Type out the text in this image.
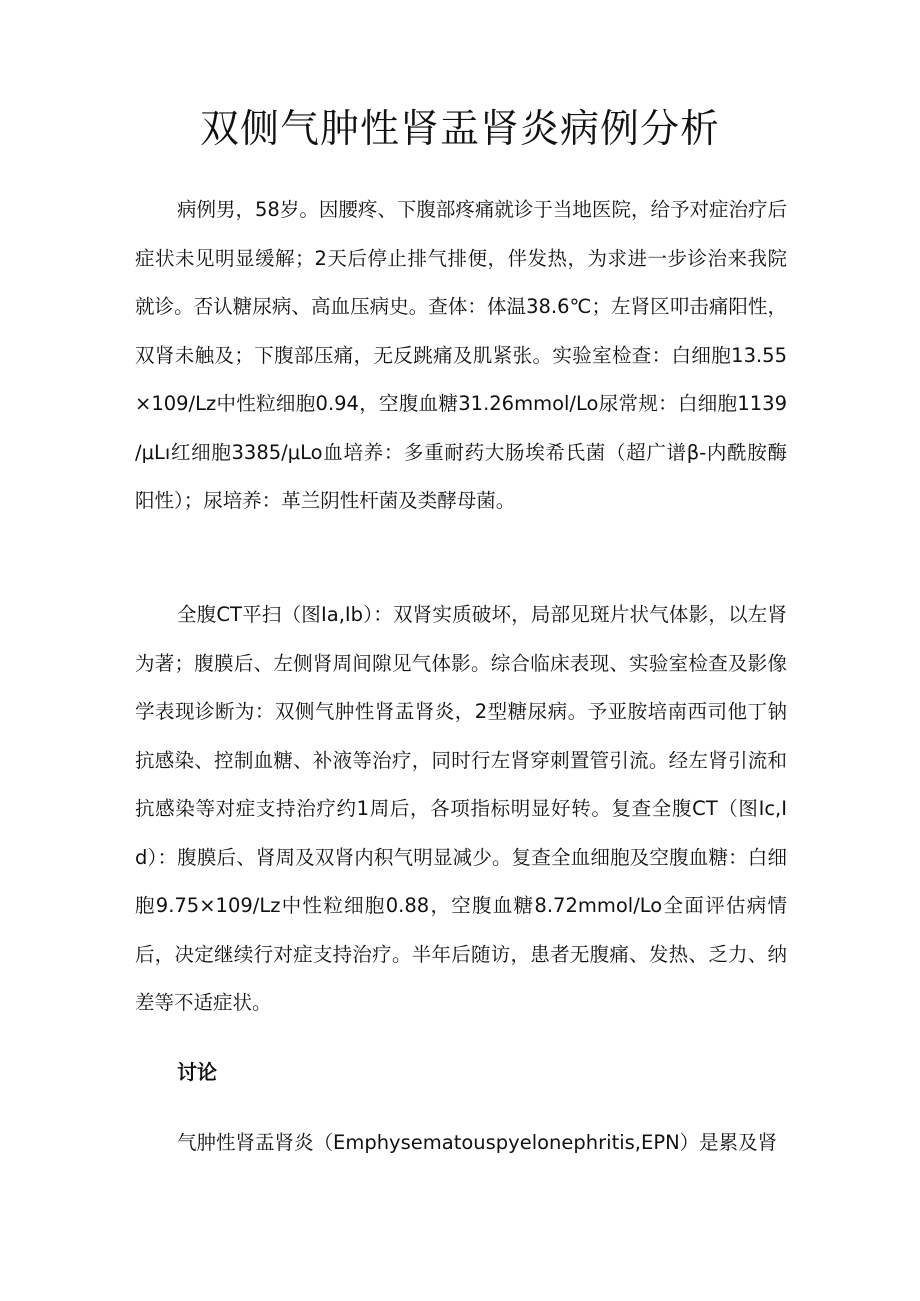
双侧气肿性肾盂肾炎病例分析

病例男，58岁。因腰疼、下腹部疼痛就诊于当地医院，给予对症治疗后症状未见明显缓解；2天后停止排气排便，伴发热，为求进一步诊治来我院就诊。否认糖尿病、高血压病史。查体：体温38.6℃；左肾区叩击痛阳性，双肾未触及；下腹部压痛，无反跳痛及肌紧张。实验室检查：白细胞13.55×109∕Lz中性粒细胞0.94，空腹血糖31.26mmol∕Lo尿常规：白细胞1139∕μLı红细胞3385/μLo血培养：多重耐药大肠埃希氏菌（超广谱β-内酰胺酶阳性）；尿培养：革兰阴性杆菌及类酵母菌。

全腹CT平扫（图Ia,Ib）：双肾实质破坏，局部见斑片状气体影，以左肾为著；腹膜后、左侧肾周间隙见气体影。综合临床表现、实验室检查及影像学表现诊断为：双侧气肿性肾盂肾炎，2型糖尿病。予亚胺培南西司他丁钠抗感染、控制血糖、补液等治疗，同时行左肾穿刺置管引流。经左肾引流和抗感染等对症支持治疗约1周后，各项指标明显好转。复查全腹CT（图Ic,Id）：腹膜后、肾周及双肾内积气明显减少。复查全血细胞及空腹血糖：白细胞9.75×109∕Lz中性粒细胞0.88，空腹血糖8.72mmol∕Lo全面评估病情后，决定继续行对症支持治疗。半年后随访，患者无腹痛、发热、乏力、纳差等不适症状。

讨论

气肿性肾盂肾炎（Emphysematouspyelonephritis,EPN）是累及肾
